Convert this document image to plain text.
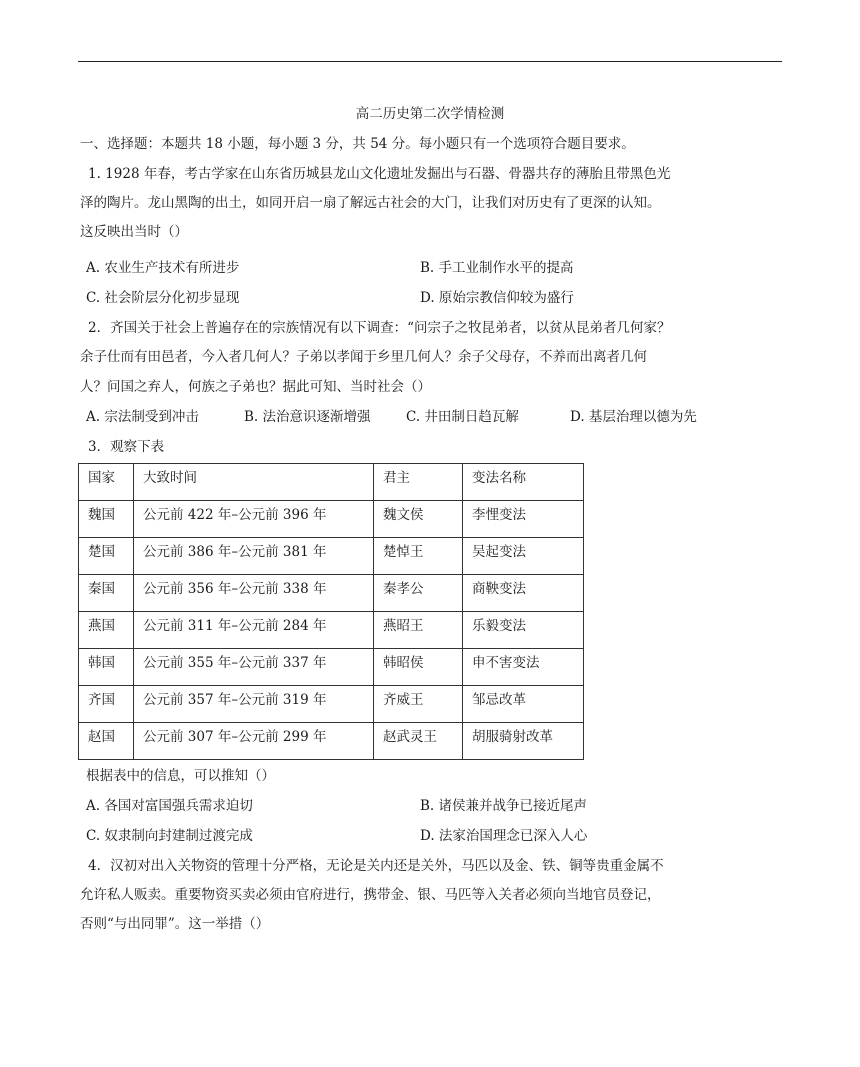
高二历史第二次学情检测
一、选择题：本题共 18 小题，每小题 3 分，共 54 分。每小题只有一个选项符合题目要求。
1. 1928 年春，考古学家在山东省历城县龙山文化遗址发掘出与石器、骨器共存的薄胎且带黑色光
泽的陶片。龙山黑陶的出土，如同开启一扇了解远古社会的大门，让我们对历史有了更深的认知。
这反映出当时（）
A. 农业生产技术有所进步	B. 手工业制作水平的提高
C. 社会阶层分化初步显现	D. 原始宗教信仰较为盛行
2．齐国关于社会上普遍存在的宗族情况有以下调查：“问宗子之牧昆弟者，以贫从昆弟者几何家？
余子仕而有田邑者，今入者几何人？子弟以孝闻于乡里几何人？余子父母存，不养而出离者几何
人？问国之弃人，何族之子弟也？据此可知、当时社会（）
A. 宗法制受到冲击	B. 法治意识逐渐增强	C. 井田制日趋瓦解	D. 基层治理以德为先
3．观察下表
国家	大致时间	君主	变法名称
魏国	公元前 422 年–公元前 396 年	魏文侯	李悝变法
楚国	公元前 386 年–公元前 381 年	楚悼王	吴起变法
秦国	公元前 356 年–公元前 338 年	秦孝公	商鞅变法
燕国	公元前 311 年–公元前 284 年	燕昭王	乐毅变法
韩国	公元前 355 年–公元前 337 年	韩昭侯	申不害变法
齐国	公元前 357 年–公元前 319 年	齐威王	邹忌改革
赵国	公元前 307 年–公元前 299 年	赵武灵王	胡服骑射改革
根据表中的信息，可以推知（）
A. 各国对富国强兵需求迫切	B. 诸侯兼并战争已接近尾声
C. 奴隶制向封建制过渡完成	D. 法家治国理念已深入人心
4．汉初对出入关物资的管理十分严格，无论是关内还是关外，马匹以及金、铁、铜等贵重金属不
允许私人贩卖。重要物资买卖必须由官府进行，携带金、银、马匹等入关者必须向当地官员登记，
否则“与出同罪”。这一举措（）
